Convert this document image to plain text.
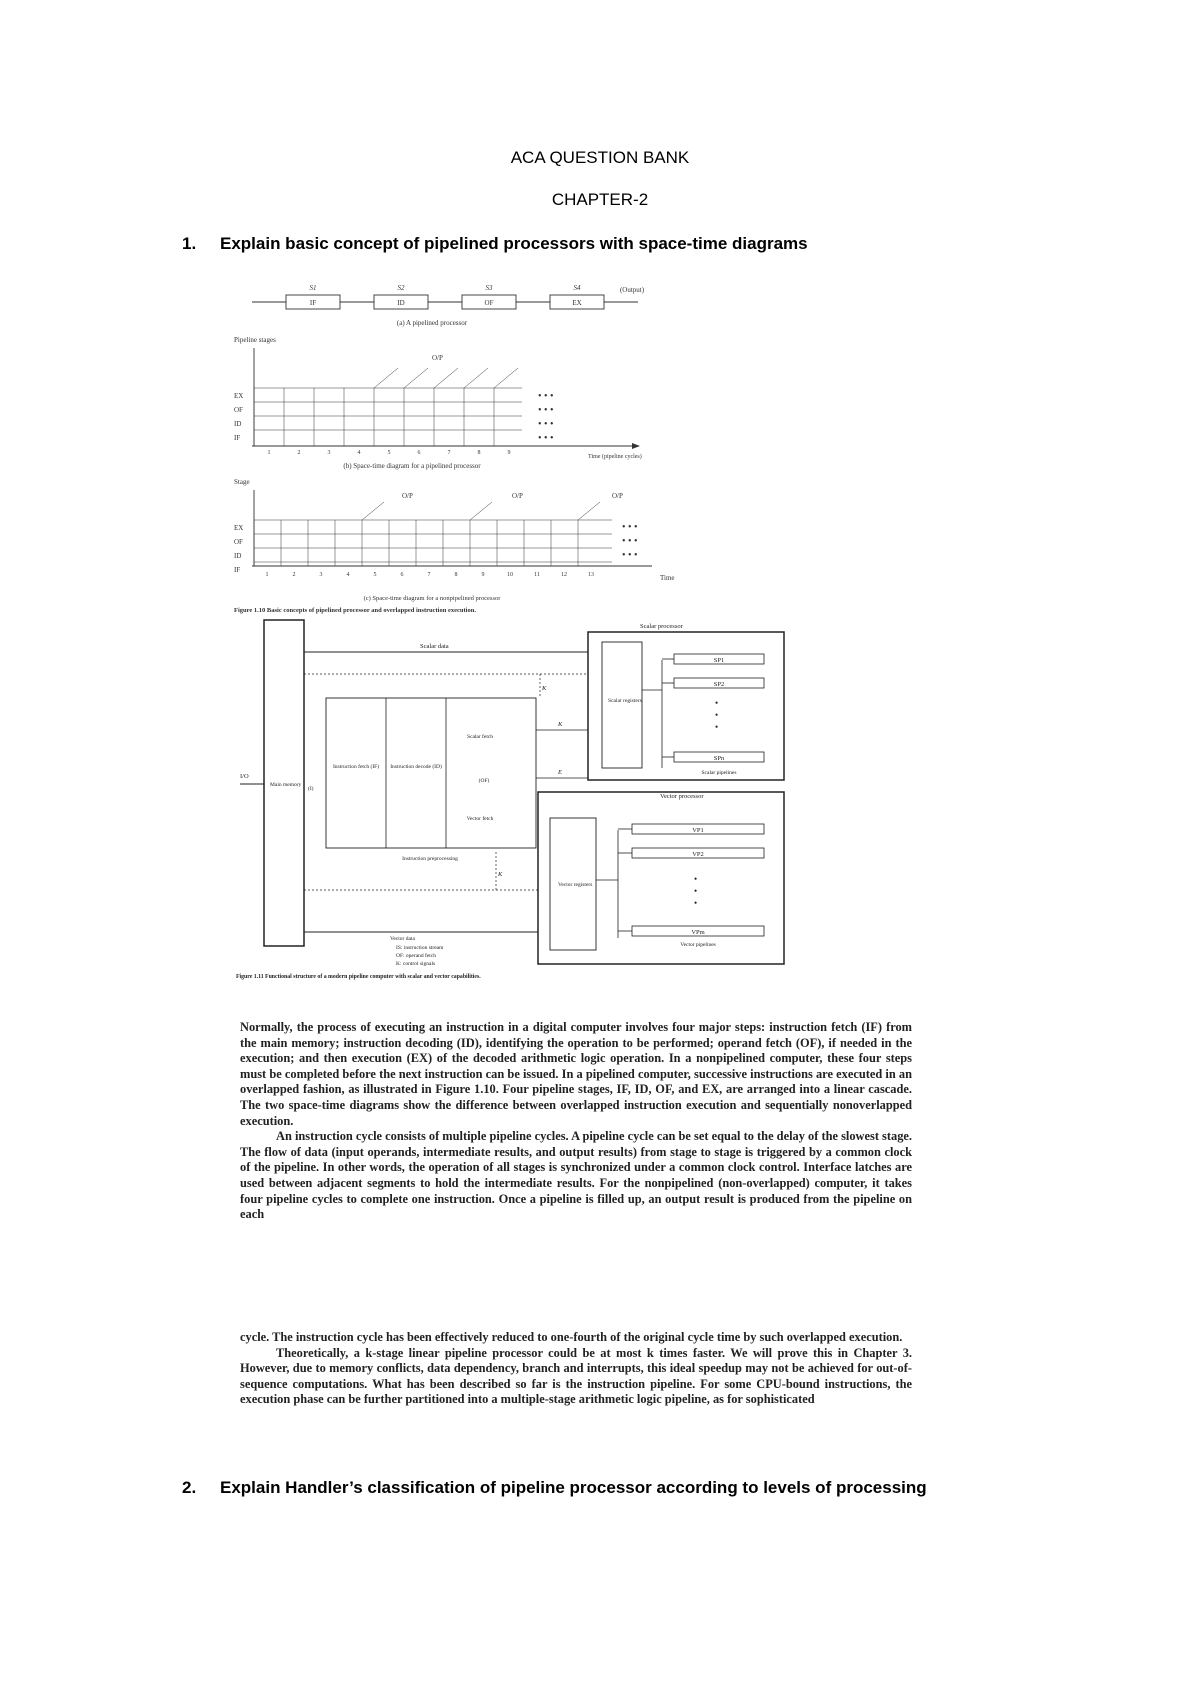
ACA QUESTION BANK
CHAPTER-2
1. Explain basic concept of pipelined processors with space-time diagrams
IF	ID	OF	EX
S1	S2	S3	S4	(Output)
(a) A pipelined processor
Pipeline stages
EX
OF
ID
IF
O/P
1	2	3	4	5	6	7	8	9
• • •
• • •
• • •
• • •
Time (pipeline cycles)
(b) Space-time diagram for a pipelined processor
Stage
EX
OF
ID
IF
O/P	O/P	O/P
1	2	3	4	5	6	7	8	9	10	11	12	13
• • •
• • •
• • •
Time
(c) Space-time diagram for a nonpipelined processor
Figure 1.10 Basic concepts of pipelined processor and overlapped instruction execution.
Scalar processor
Scalar registers
SP1
SP2
SPn
Scalar pipelines
•
•
•
Main memory
I/O
(I)
Scalar data
K
Instruction fetch (IF) Instruction decode (ID)
Scalar fetch
(OF)
Vector fetch
Instruction preprocessing
K
E
Vector processor
Vector registers
VP1
VP2
VPm
Vector pipelines
•
•
•
K
Vector data
IS: instruction stream
OF: operand fetch
K: control signals
Figure 1.11 Functional structure of a modern pipeline computer with scalar and vector capabilities.

Normally, the process of executing an instruction in a digital computer involves four major steps: instruction fetch (IF) from the main memory; instruction decoding (ID), identifying the operation to be performed; operand fetch (OF), if needed in the execution; and then execution (EX) of the decoded arithmetic logic operation. In a nonpipelined computer, these four steps must be completed before the next instruction can be issued. In a pipelined computer, successive instructions are executed in an overlapped fashion, as illustrated in Figure 1.10. Four pipeline stages, IF, ID, OF, and EX, are arranged into a linear cascade. The two space-time diagrams show the difference between overlapped instruction execution and sequentially nonoverlapped execution.

An instruction cycle consists of multiple pipeline cycles. A pipeline cycle can be set equal to the delay of the slowest stage. The flow of data (input operands, intermediate results, and output results) from stage to stage is triggered by a common clock of the pipeline. In other words, the operation of all stages is synchronized under a common clock control. Interface latches are used between adjacent segments to hold the intermediate results. For the nonpipelined (non-overlapped) computer, it takes four pipeline cycles to complete one instruction. Once a pipeline is filled up, an output result is produced from the pipeline on each

cycle. The instruction cycle has been effectively reduced to one-fourth of the original cycle time by such overlapped execution.

Theoretically, a k-stage linear pipeline processor could be at most k times faster. We will prove this in Chapter 3. However, due to memory conflicts, data dependency, branch and interrupts, this ideal speedup may not be achieved for out-of-sequence computations. What has been described so far is the instruction pipeline. For some CPU-bound instructions, the execution phase can be further partitioned into a multiple-stage arithmetic logic pipeline, as for sophisticated

2. Explain Handler’s classification of pipeline processor according to levels of processing
